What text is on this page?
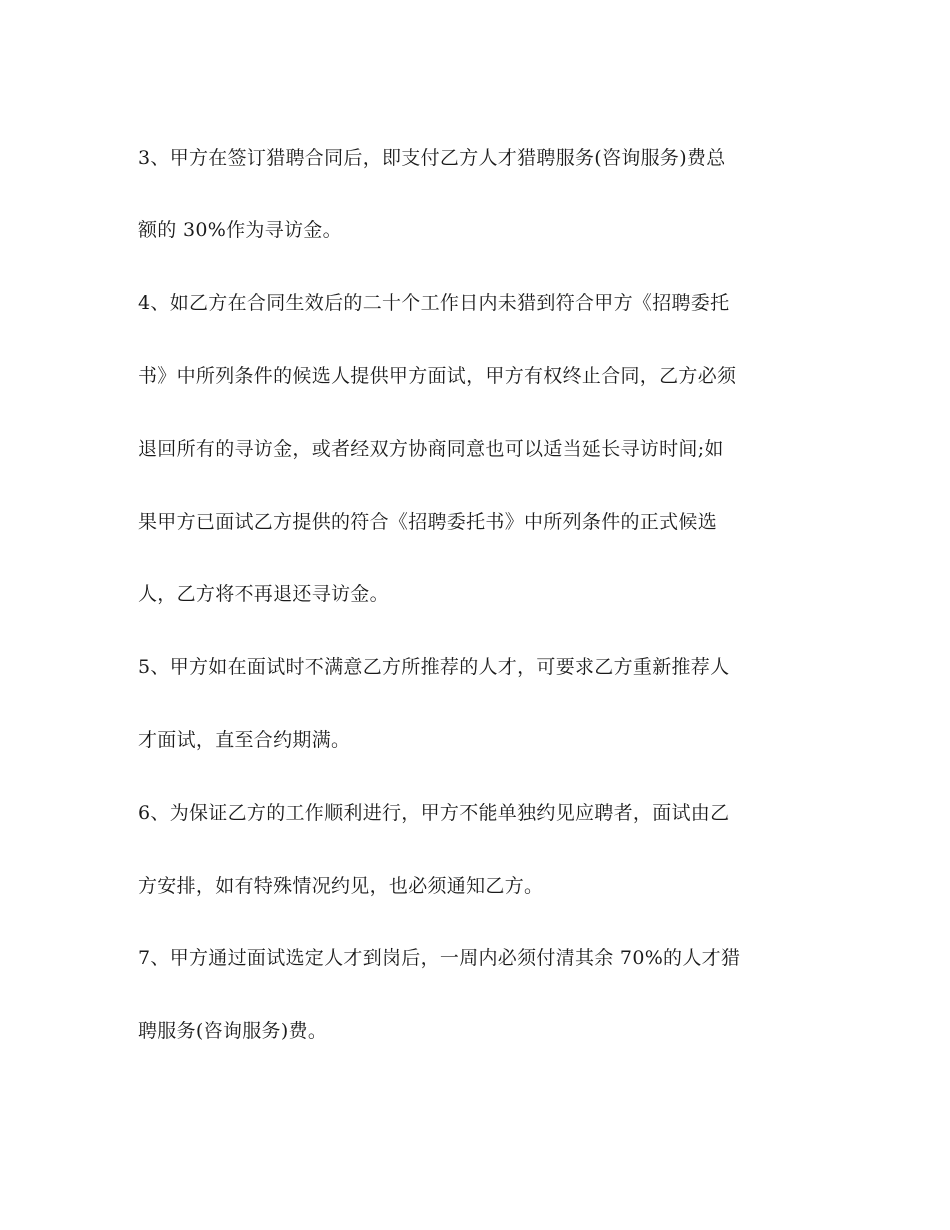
3、甲方在签订猎聘合同后，即支付乙方人才猎聘服务(咨询服务)费总

额的 30%作为寻访金。

4、如乙方在合同生效后的二十个工作日内未猎到符合甲方《招聘委托

书》中所列条件的候选人提供甲方面试，甲方有权终止合同，乙方必须

退回所有的寻访金，或者经双方协商同意也可以适当延长寻访时间;如

果甲方已面试乙方提供的符合《招聘委托书》中所列条件的正式候选

人，乙方将不再退还寻访金。

5、甲方如在面试时不满意乙方所推荐的人才，可要求乙方重新推荐人

才面试，直至合约期满。

6、为保证乙方的工作顺利进行，甲方不能单独约见应聘者，面试由乙

方安排，如有特殊情况约见，也必须通知乙方。

7、甲方通过面试选定人才到岗后，一周内必须付清其余 70%的人才猎

聘服务(咨询服务)费。
